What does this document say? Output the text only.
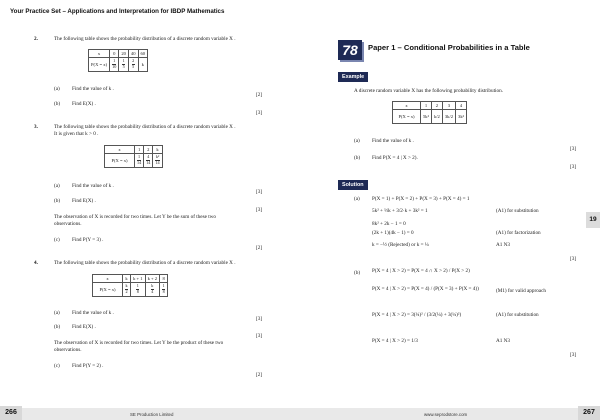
Your Practice Set – Applications and Interpretation for IBDP Mathematics
2.	The following table shows the probability distribution of a discrete random variable X .
x	0	20	40	60
P(X = x)	$\frac{1}{10}$	$\frac{1}{5}$	$\frac{2}{5}$	k
(a) Find the value of k .
[2]
(b) Find E(X) .
[3]
3.	The following table shows the probability distribution of a discrete random variable X .
It is given that k > 0 .
x	1	2	k
P(X = x)	$\frac{1}{14}$	$\frac{4}{14}$	$\frac{\text{k²}}{14}$
(a) Find the value of k .
[3]
(b) Find E(X) .
[3]
The observation of X is recorded for two times. Let Y be the sum of these two
observations.
(c) Find P(Y = 3) .
[2]
4.	The following table shows the probability distribution of a discrete random variable X .
x	k	k + 1	k + 2	8
P(X = x)	$\frac{k}{2}$	$\frac{1}{8}$	$\frac{k}{4}$	$\frac{1}{8}$
(a) Find the value of k .
[3]
(b) Find E(X) .
[3]
The observation of X is recorded for two times. Let Y be the product of these two
observations.
(c) Find P(Y = 2) .
[2]
266	SE Production Limited
78	Paper 1 – Conditional Probabilities in a Table
Example
A discrete random variable X has the following probability distribution.
x	1	2	3	4
P(X = x)	5k²	k/2	3k/2	3k²
(a) Find the value of k .
[3]
(b) Find P(X = 4 | X > 2).
[3]
Solution
(a) P(X = 1) + P(X = 2) + P(X = 3) + P(X = 4) = 1
5k² + ½k + 3/2·k + 3k² = 1	(A1) for substitution
8k² + 2k − 1 = 0
(2k + 1)(4k − 1) = 0	(A1) for factorization
k = −½ (Rejected) or k = ¼	A1 N3
[3]
(b) P(X = 4 | X > 2) = P(X = 4 ∩ X > 2) / P(X > 2)
P(X = 4 | X > 2) = P(X = 4) / (P(X = 3) + P(X = 4))	(M1) for valid approach
P(X = 4 | X > 2) = 3(¼)² / (3/2(¼) + 3(¼)²)	(A1) for substitution
P(X = 4 | X > 2) = 1/3	A1 N3
[3]
19
267
www.seprodstore.com
